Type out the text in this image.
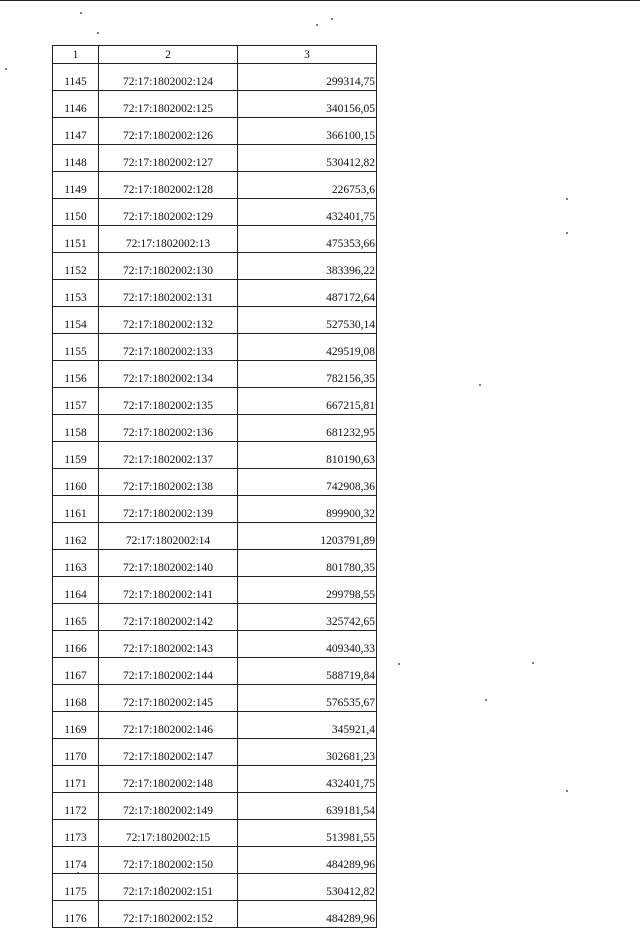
1	2	3
1145	72:17:1802002:124	299314,75
1146	72:17:1802002:125	340156,05
1147	72:17:1802002:126	366100,15
1148	72:17:1802002:127	530412,82
1149	72:17:1802002:128	226753,6
1150	72:17:1802002:129	432401,75
1151	72:17:1802002:13	475353,66
1152	72:17:1802002:130	383396,22
1153	72:17:1802002:131	487172,64
1154	72:17:1802002:132	527530,14
1155	72:17:1802002:133	429519,08
1156	72:17:1802002:134	782156,35
1157	72:17:1802002:135	667215,81
1158	72:17:1802002:136	681232,95
1159	72:17:1802002:137	810190,63
1160	72:17:1802002:138	742908,36
1161	72:17:1802002:139	899900,32
1162	72:17:1802002:14	1203791,89
1163	72:17:1802002:140	801780,35
1164	72:17:1802002:141	299798,55
1165	72:17:1802002:142	325742,65
1166	72:17:1802002:143	409340,33
1167	72:17:1802002:144	588719,84
1168	72:17:1802002:145	576535,67
1169	72:17:1802002:146	345921,4
1170	72:17:1802002:147	302681,23
1171	72:17:1802002:148	432401,75
1172	72:17:1802002:149	639181,54
1173	72:17:1802002:15	513981,55
1174	72:17:1802002:150	484289,96
1175	72:17:1802002:151	530412,82
1176	72:17:1802002:152	484289,96
